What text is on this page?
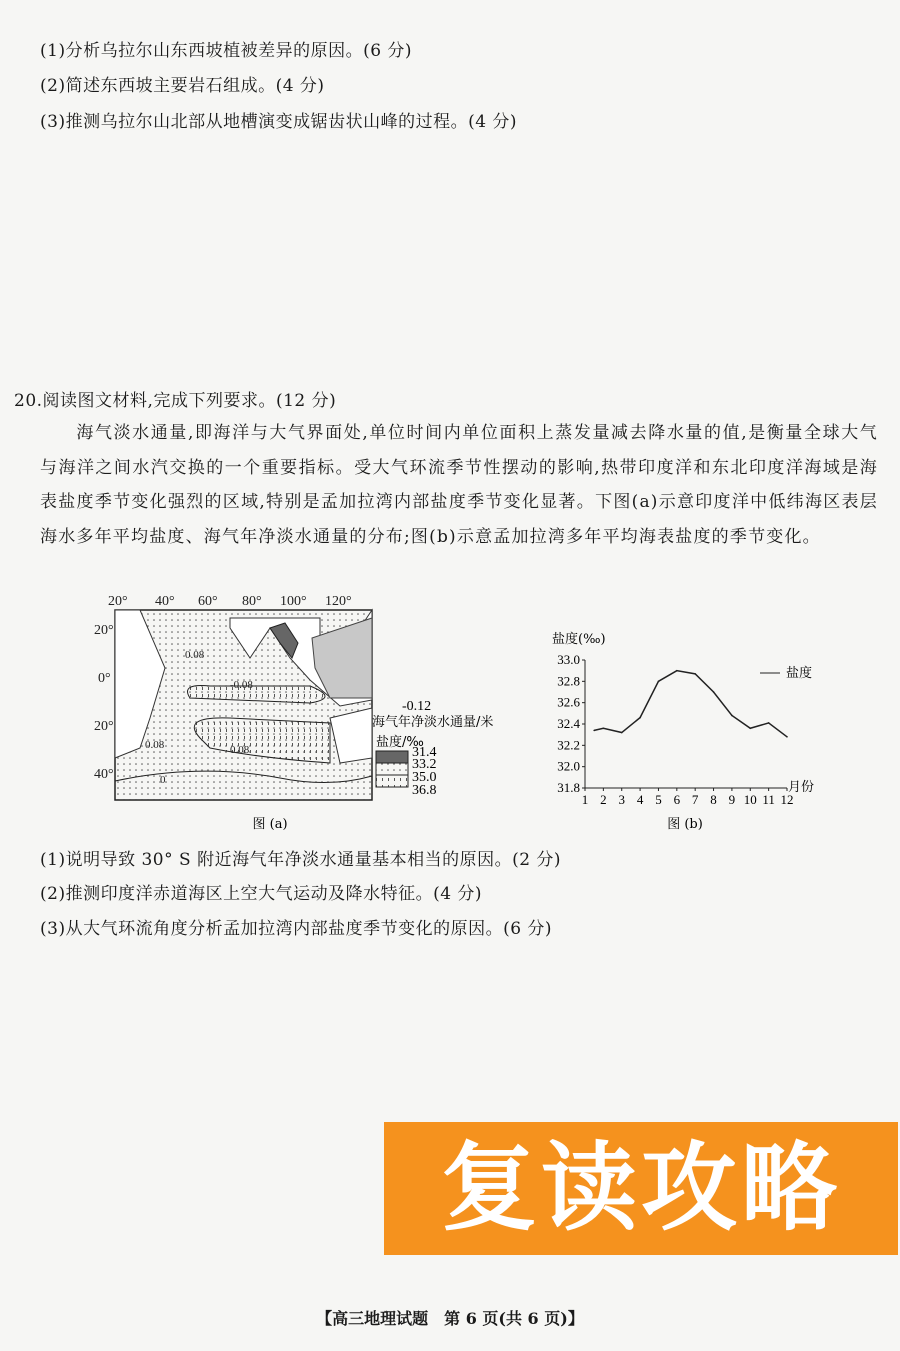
(1)分析乌拉尔山东西坡植被差异的原因。(6 分)
(2)简述东西坡主要岩石组成。(4 分)
(3)推测乌拉尔山北部从地槽演变成锯齿状山峰的过程。(4 分)
20.阅读图文材料,完成下列要求。(12 分)
海气淡水通量,即海洋与大气界面处,单位时间内单位面积上蒸发量减去降水量的值,是衡量全球大气与海洋之间水汽交换的一个重要指标。受大气环流季节性摆动的影响,热带印度洋和东北印度洋海域是海表盐度季节变化强烈的区域,特别是孟加拉湾内部盐度季节变化显著。下图(a)示意印度洋中低纬海区表层海水多年平均盐度、海气年净淡水通量的分布;图(b)示意孟加拉湾多年平均海表盐度的季节变化。
20° 40° 60° 80° 100° 120°
20°
0°
20°
40°
0.08
-0.08
0.08	0.08
0
-0.12
海气年净淡水通量/米
盐度/‰
31.4
33.2
35.0
36.8
图 (a)
盐度(‰)
月份
盐度
图 (b)
33.0
32.8
32.6
32.4
32.2
32.0
31.8
1 2 3 4 5 6 7 8 9 10 11 12
(1)说明导致 30° S 附近海气年净淡水通量基本相当的原因。(2 分)
(2)推测印度洋赤道海区上空大气运动及降水特征。(4 分)
(3)从大气环流角度分析孟加拉湾内部盐度季节变化的原因。(6 分)
复读攻略
【高三地理试题　第 6 页(共 6 页)】
